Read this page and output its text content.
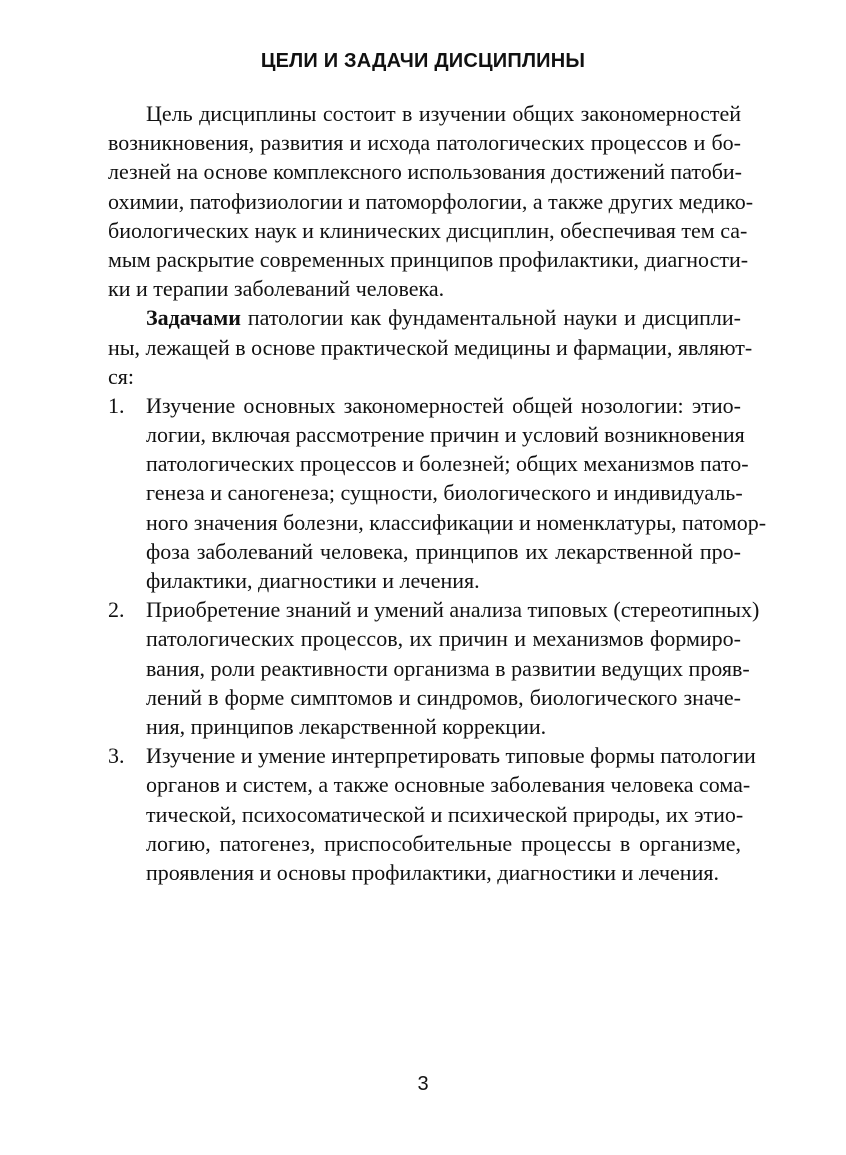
ЦЕЛИ И ЗАДАЧИ ДИСЦИПЛИНЫ
Цель дисциплины состоит в изучении общих закономерностей
возникновения, развития и исхода патологических процессов и бо-
лезней на основе комплексного использования достижений патоби-
охимии, патофизиологии и патоморфологии, а также других медико-
биологических наук и клинических дисциплин, обеспечивая тем са-
мым раскрытие современных принципов профилактики, диагности-
ки и терапии заболеваний человека.
Задачами патологии как фундаментальной науки и дисципли-
ны, лежащей в основе практической медицины и фармации, являют-
ся:
1. Изучение основных закономерностей общей нозологии: этио-
логии, включая рассмотрение причин и условий возникновения
патологических процессов и болезней; общих механизмов пато-
генеза и саногенеза; сущности, биологического и индивидуаль-
ного значения болезни, классификации и номенклатуры, патомор-
фоза заболеваний человека, принципов их лекарственной про-
филактики, диагностики и лечения.
2. Приобретение знаний и умений анализа типовых (стереотипных)
патологических процессов, их причин и механизмов формиро-
вания, роли реактивности организма в развитии ведущих прояв-
лений в форме симптомов и синдромов, биологического значе-
ния, принципов лекарственной коррекции.
3. Изучение и умение интерпретировать типовые формы патологии
органов и систем, а также основные заболевания человека сома-
тической, психосоматической и психической природы, их этио-
логию, патогенез, приспособительные процессы в организме,
проявления и основы профилактики, диагностики и лечения.
3
